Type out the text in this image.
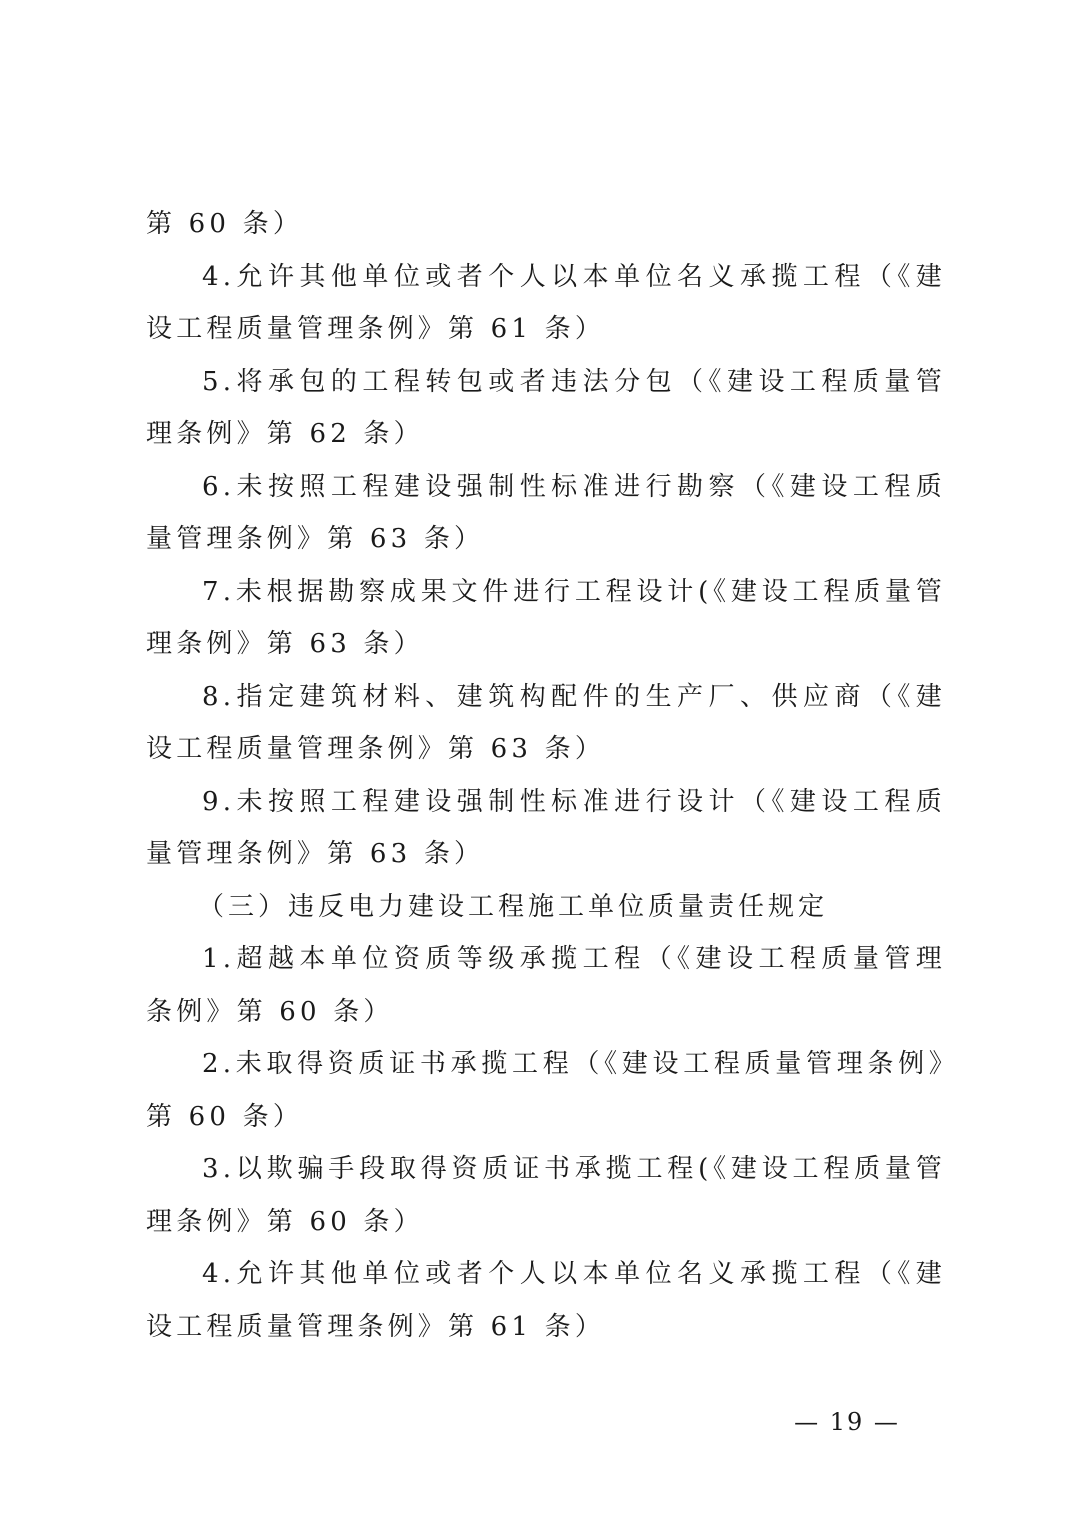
第 60 条）

4.允许其他单位或者个人以本单位名义承揽工程（《建设工程质量管理条例》第 61 条）

5.将承包的工程转包或者违法分包（《建设工程质量管理条例》第 62 条）

6.未按照工程建设强制性标准进行勘察（《建设工程质量管理条例》第 63 条）

7.未根据勘察成果文件进行工程设计(《建设工程质量管理条例》第 63 条）

8.指定建筑材料、建筑构配件的生产厂、供应商（《建设工程质量管理条例》第 63 条）

9.未按照工程建设强制性标准进行设计（《建设工程质量管理条例》第 63 条）

（三）违反电力建设工程施工单位质量责任规定

1.超越本单位资质等级承揽工程（《建设工程质量管理条例》第 60 条）

2.未取得资质证书承揽工程（《建设工程质量管理条例》第 60 条）

3.以欺骗手段取得资质证书承揽工程(《建设工程质量管理条例》第 60 条）

4.允许其他单位或者个人以本单位名义承揽工程（《建设工程质量管理条例》第 61 条）

— 19 —
